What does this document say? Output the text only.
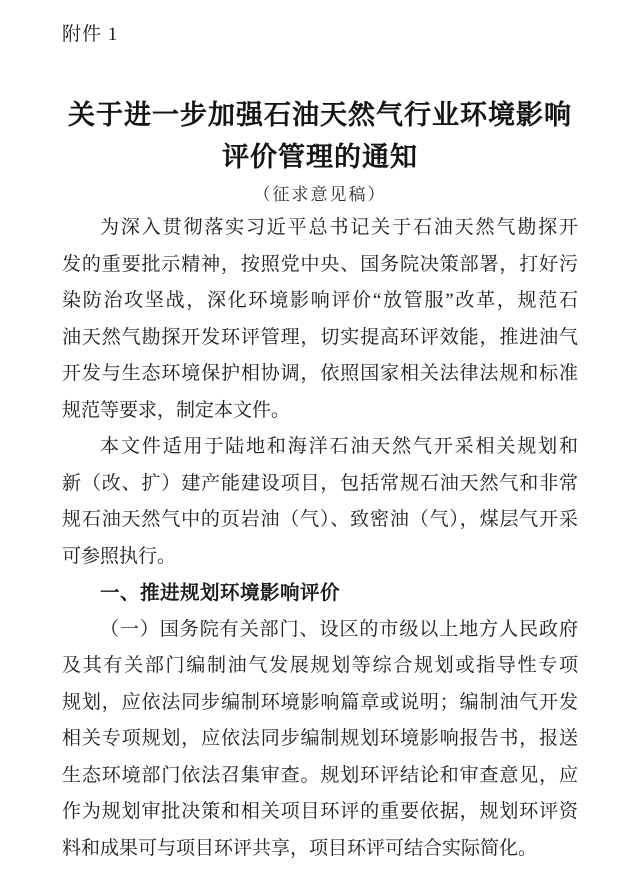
附件 1
关于进一步加强石油天然气行业环境影响
评价管理的通知
（征求意见稿）
为深入贯彻落实习近平总书记关于石油天然气勘探开
发的重要批示精神，按照党中央、国务院决策部署，打好污
染防治攻坚战，深化环境影响评价“放管服”改革，规范石
油天然气勘探开发环评管理，切实提高环评效能，推进油气
开发与生态环境保护相协调，依照国家相关法律法规和标准
规范等要求，制定本文件。
本文件适用于陆地和海洋石油天然气开采相关规划和
新（改、扩）建产能建设项目，包括常规石油天然气和非常
规石油天然气中的页岩油（气）、致密油（气），煤层气开采
可参照执行。
一、推进规划环境影响评价
（一）国务院有关部门、设区的市级以上地方人民政府
及其有关部门编制油气发展规划等综合规划或指导性专项
规划，应依法同步编制环境影响篇章或说明；编制油气开发
相关专项规划，应依法同步编制规划环境影响报告书，报送
生态环境部门依法召集审查。规划环评结论和审查意见，应
作为规划审批决策和相关项目环评的重要依据，规划环评资
料和成果可与项目环评共享，项目环评可结合实际简化。
